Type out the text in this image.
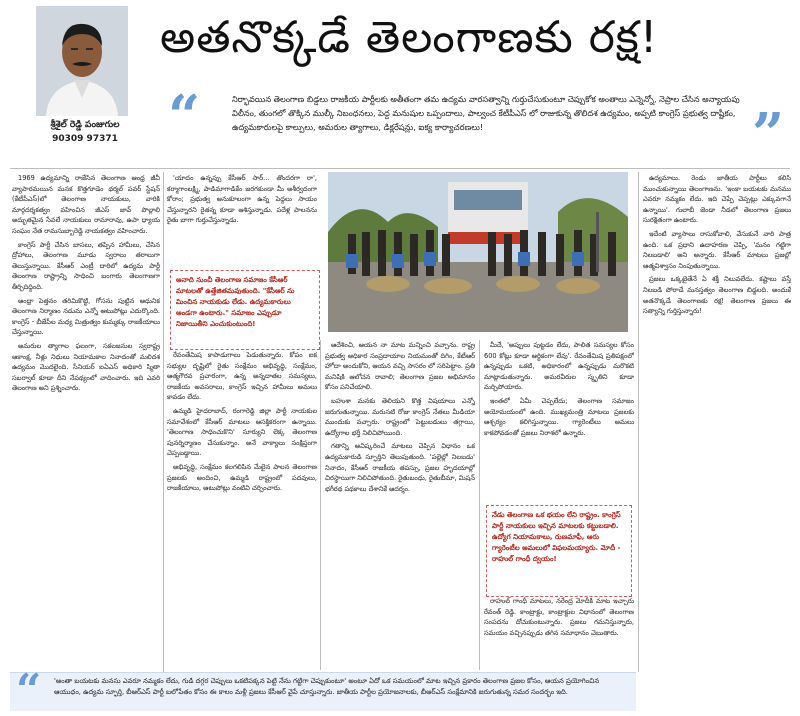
శ్రీశైల్ రెడ్డి పంజుగుల
90309 97371
అతనొక్కడే తెలంగాణకు రక్ష!
“	నిర్భావయిన తెలంగాణ బిడ్డలు రాజకీయ పార్టీలకు అతీతంగా తమ ఉద్యమ వారసత్వాన్ని గుర్తుచేసుకుంటూ చెప్పుకోక అంతాలు ఎన్నెన్నో, నెప్రాల చేసిన అన్యాయపు విలీనం, తుంగలో తొక్కిన ముల్కీ నిబంధనలు, పెద్ద మనుషుల ఒప్పందాలు, పాల్వంచ కేటీపీఎస్ లో రాజుకున్న తొలిదశ ఉద్యమం, అప్పటి కాంగ్రెస్ ప్రభుత్వ దాష్టీకం, ఉద్యమకారులపై కాల్పులు, అమరుల త్యాగాలు, డిక్లరేషన్లు, ఐక్య కార్యాచరణలు!	”

1969 ఉద్యమాన్ని రాజేసిన తెలంగాణ ఆంధ్ర జీవీ వ్యాపారమయిన మనక కొత్తగూడెం థర్మల్ పవర్ స్టేషన్ (కేటీపీఎస్)లో తెలంగాణ నాయకులు, వారికి మార్గదర్శకత్వం వహించిన జీఎస్ జావ్ పొల్లాలి అద్భుతమైన సేవలే నాయకులు రామారావు, ఉపా ధ్యాయ సంఘం నేత రామసుబ్బారెడ్డి నాయకత్వం వహించారు.

కాంగ్రెస్ పార్టీ చేసిన బాసలు, తప్పిన హామీలు, చేసిన ద్రోహాలు, తెలంగాణ మూడు స్వరాలు తరాలుగా తెలుస్తున్నాయి. కేసీఆర్ ఎంట్రీ దారిలో ఉద్యమ పార్టీ తెలంగాణ రాష్ట్రాన్ని సాధించి బంగారు తెలంగాణగా తీర్చిదిద్దింది.

ఆంధ్రా పెత్తనం తరిమికొట్టి, గోసను పుట్టిన ఆధునిక తెలంగాణ నిర్మాణం నడుమ ఎన్నో ఆటుపోట్లు ఎదుర్కొంది. కాంగ్రెస్ - బీజేపీల మధ్య మిత్రుత్వం కుమ్మక్కు రాజకీయాలు చేస్తున్నాయి.

అమరుల త్యాగాల ఫలంగా, సకలజనుల స్వరాష్ట్ర ఆకాంక్ష, నీళ్లు నిధులు నియామకాల నినాదంతో మలిదశ ఉద్యమం మొదలైంది. సీనియర్ ఐఏఎస్ అధికారి స్మితా సబర్వాల్ కూడా దీని నేపథ్యంలో వాదించారు. ఇది ఎవరి తెలంగాణ అని ప్రశ్నించారు.

'యాదం ఉన్నప్పు కేసీఆర్ సార్... తొందరగా రా', కర్మాగాంలక్ష్మి, పాడిమాగాడికేం జరగకుండా మీ అశీర్వదంగా కోరాం; ప్రభుత్వ అనుకూలంగా ఉన్న పెద్దలు సాయం చేస్తున్నారని రైతన్న కూడా ఆశిస్తున్నాడు. పదేళ్ల పాలనను రైతు బాగా గుర్తుచేస్తున్నాడు.

అనాది నుంచీ తెలంగాణ సమాజం కేసీఆర్ మాటలతో ఉత్తేజితమవుతుంది. "కేసీఆర్ ను మించిన నాయకుడు లేడు. ఉద్యమకారులు అండగా ఉంటారు." సమాజం ఎప్పుడూ నిజాయితీని ఎంచుకుంటుంది!

రేవంతేమిష కాపాడుగాలు పెడుతున్నారు. కోపం ఐక సభ్యుల దృష్టిలో రైతు సంక్షేమం అభివృద్ధి, సంక్షేమం, ఆత్మగౌరవ ప్రచారంగా, ఉన్న అన్నదాతల సమస్యలు, రాజకీయ అవసరాలు, కాంగ్రెస్ ఇచ్చిన హామీలు అమలు కావడం లేదు.

ఉమ్మడి హైదరాబాద్, రంగారెడ్డి జిల్లా పార్టీ నాయకుల సమావేశంలో కేసీఆర్ మాటలు ఆసక్తికరంగా ఉన్నాయి. 'తెలంగాణ సాధించుకొని' సూర్యుని లెక్క తెలంగాణ పునర్నిర్మాణం చేసుకున్నాం. అనే వాక్యాలు సంక్షిప్తంగా చెప్పబడ్డాయి.

అభివృద్ధి, సంక్షేమం కలగలిపిన మేలైన పాలన తెలంగాణ ప్రజలకు అందించి, ఉమ్మడి రాష్ట్రంలో పదవులు, రాజకీయాలు, ఆటుపోట్లు వంటివి చర్చించారు.

ఆదేశించి, ఆయన నా మాట మన్నించి వచ్చాను. రాష్ట్ర ప్రభుత్వ అధికార సంప్రదాయాల నియమంతో దిగిం, కేటీఆర్ హోదా అందుకోని, ఆయన వచ్చి సాసరం లో సరిపెట్టాం. ప్రతి మనిషికి ఆలోచన రావాలి; తెలంగాణ ప్రజల అభిమానం కోసం పనిచేయాలి.

బహుశా మనకు తెలియని కొత్త విషయాలు ఎన్నో జరుగుతున్నాయి. మరుసటి రోజు కాంగ్రెస్ నేతలు మీడియా ముందుకు వచ్చారు. రాష్ట్రంలో పెట్టుబడులు తగ్గాయి, ఉద్యోగాల భర్తీ నిలిచిపోయింది.

గతాన్ని ఆవిష్కరించే మాటలు చెప్పిన విధానం ఒక ఉద్యమకారుడి స్ఫూర్తిని తెలుపుతుంది. 'పల్లెల్లో నిలబడు' నినాదం, కేసీఆర్ రాజకీయ తపస్సు, ప్రజల హృదయాల్లో చిరస్థాయిగా నిలిచిపోతుంది. రైతుబంధు, రైతుబీమా, మిషన్ భగీరథ పథకాలు దేశానికే ఆదర్శం.

మీదే, 'అప్పులు పుట్టడం లేదు, పాలిత సమస్యల కోసం 600 కోట్లు కూడా ఆర్థికంగా లేవు'. రేవంతేమిష ప్రతిపక్షంలో ఉన్నప్పుడు ఒకటి, అధికారంలో ఉన్నప్పుడు మరొకటి మాట్లాడుతున్నారు. అమరవీరుల స్మృతిని కూడా మర్చిపోయారు.

ఇంతలో ఏమీ చెప్పలేదు; తెలంగాణ సమాజం అయోమయంలో ఉంది. ముఖ్యమంత్రి మాటలు ప్రజలకు ఆశ్చర్యం కలిగిస్తున్నాయి. గ్యారెంటీలు అమలు కాకపోవడంతో ప్రజలు నిరాశలో ఉన్నారు.

నేడు తెలంగాణ ఒక భయం లేని రాష్ట్రం. కాంగ్రెస్ పార్టీ నాయకులు ఇచ్చిన మాటలకు కట్టుబడాలి. ఉద్యోగ నియామకాలు, రుణమాఫీ, ఆరు గ్యారెంటీల అమలులో విఫలమయ్యారు. మోదీ - రాహుల్ గాంధీ ద్వయం!

రాహుల్ గాంధీ మాటలు, నరేంద్ర మోదీకి మాట ఇచ్చారు రేవంత్ రెడ్డి. కాంట్రాక్టు, కాంట్రాక్టుల విధానంలో తెలంగాణ సంపదను దోచుకుంటున్నారు. ప్రజలు గమనిస్తున్నారు, సమయం వచ్చినప్పుడు తగిన సమాధానం చెబుతారు.

ఉద్యమాలు. రెండు జాతీయ పార్టీలు కలిసి ముంచుకున్నాయి తెలంగాణను. 'ఇంకా బయటకు మనము ఎవరూ నమ్మకం లేదు. ఇది చెప్పే చెప్పట్లు ఎక్కువగానే ఉన్నాయి'. గులాబీ జెండా నీడలో తెలంగాణ ప్రజలు సురక్షితంగా ఉంటారు.

ఇదేంటి వ్యాసాలు రాసుకోవాలి, వేసుకునే వారి పాత్ర ఉంది. ఒక ప్రధాని ఉదాహరణ చెప్పి, 'మనం గట్టిగా నిలబడాలి' అని అన్నారు. కేసీఆర్ మాటలు ప్రజల్లో ఆత్మవిశ్వాసం నింపుతున్నాయి.

ప్రజలు ఒక్కటైతేనే ఏ శక్తీ నిలువలేదు. కష్టాలు వస్తే నిలబడి పోరాడే మనస్తత్వం తెలంగాణ బిడ్డలది. అందుకే అతనొక్కడే తెలంగాణకు రక్ష! తెలంగాణ ప్రజలు ఈ సత్యాన్ని గుర్తిస్తున్నారు!

“ 'అంతా బయటకు మనసు ఎవరూ నమ్మకం లేదు, గుడి దగ్గర చెప్పులు ఒకటిపక్కన పెట్టి నేను గట్టిగా చెప్పుకుంటూ' అంటూ ఏదో ఒక సమయంలో మాట ఇచ్చిన ప్రకారం తెలంగాణ ప్రజల కోసం, ఆయన ప్రయోగించిన ఆయుధం, ఉద్యమ స్ఫూర్తి, బీఆర్ఎస్ పార్టీ బలోపేతం కోసం ఈ కాలం మళ్లీ ప్రజలు కేసీఆర్ వైపే చూస్తున్నారు. జాతీయ పార్టీల ప్రయోజనాలకు, బీఆర్ఎస్ సంక్షేమానికి జరుగుతున్న సమర సందర్భం ఇది.
